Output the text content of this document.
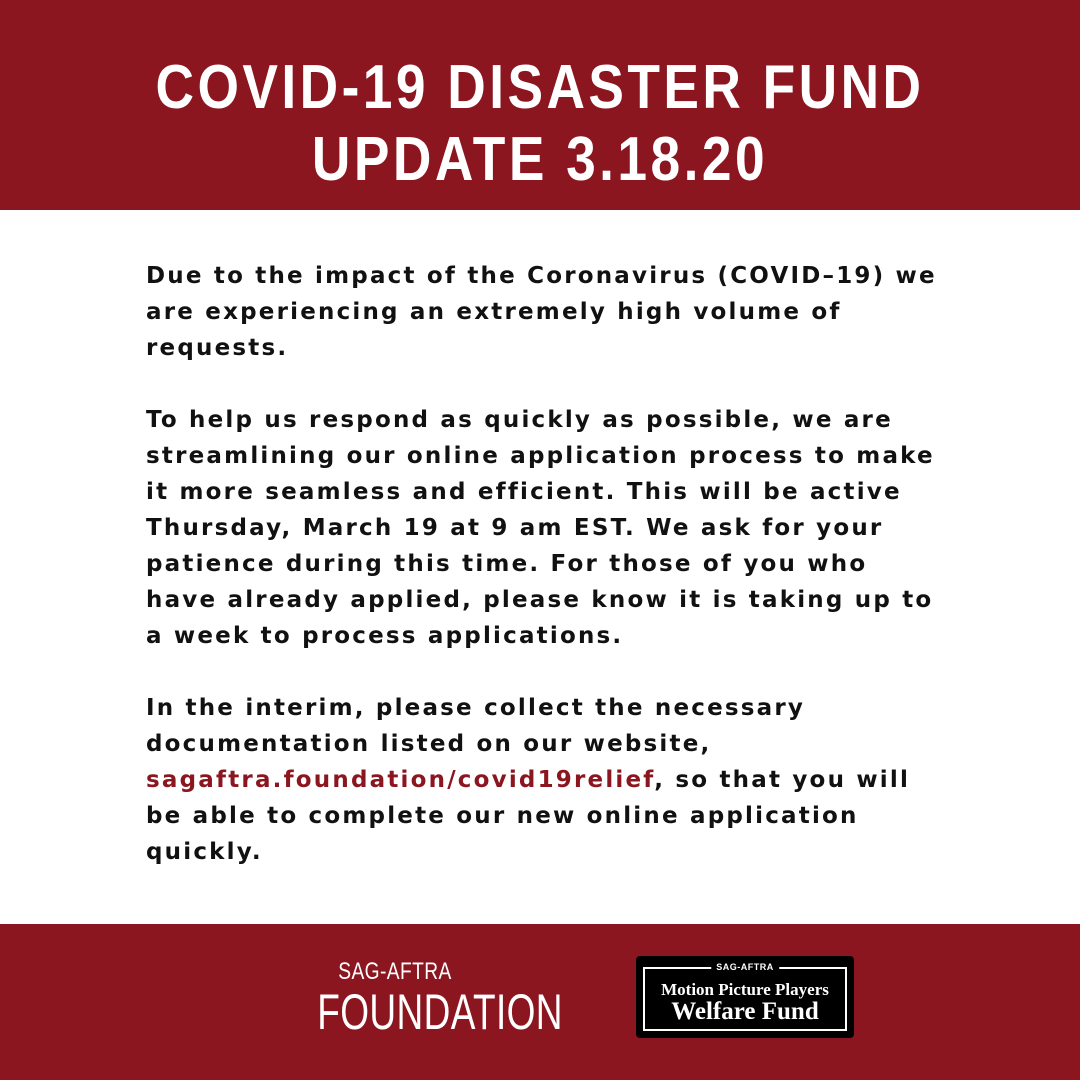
COVID-19 DISASTER FUND
UPDATE 3.18.20

Due to the impact of the Coronavirus (COVID–19) we are experiencing an extremely high volume of requests.

To help us respond as quickly as possible, we are streamlining our online application process to make it more seamless and efficient. This will be active Thursday, March 19 at 9 am EST. We ask for your patience during this time. For those of you who have already applied, please know it is taking up to a week to process applications.

In the interim, please collect the necessary documentation listed on our website, sagaftra.foundation/covid19relief, so that you will be able to complete our new online application quickly.

SAG-AFTRA
FOUNDATION
SAG-AFTRA
Motion Picture Players
Welfare Fund
